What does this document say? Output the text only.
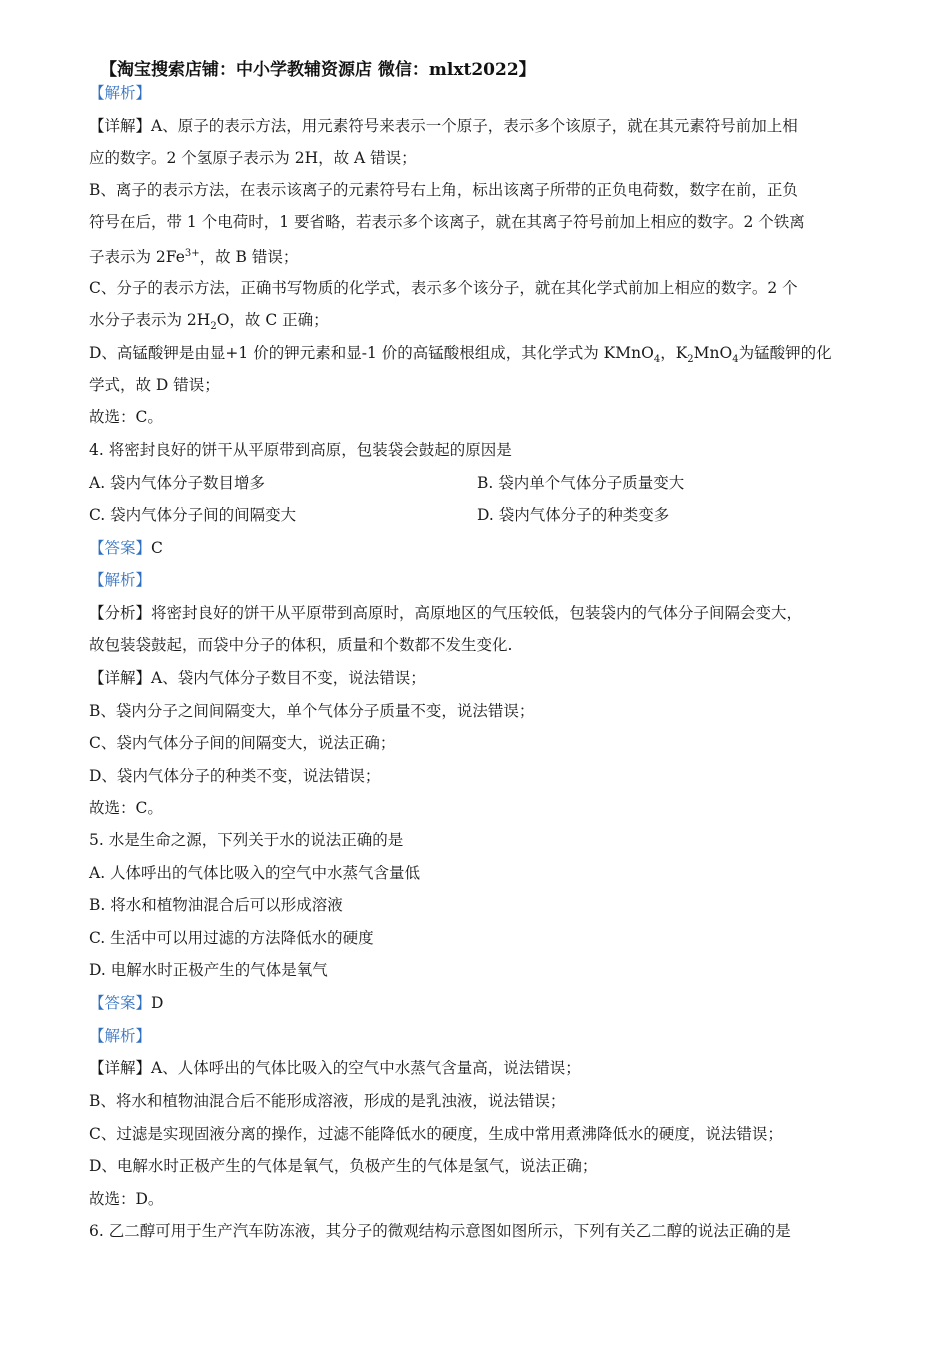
【淘宝搜索店铺：中小学教辅资源店 微信：mlxt2022】
【解析】
【详解】A、原子的表示方法，用元素符号来表示一个原子，表示多个该原子，就在其元素符号前加上相
应的数字。2 个氢原子表示为 2H，故 A 错误；
B、离子的表示方法，在表示该离子的元素符号右上角，标出该离子所带的正负电荷数，数字在前，正负
符号在后，带 1 个电荷时，1 要省略，若表示多个该离子，就在其离子符号前加上相应的数字。2 个铁离
子表示为 $2Fe^{3+}$，故 B 错误；
C、分子的表示方法，正确书写物质的化学式，表示多个该分子，就在其化学式前加上相应的数字。2 个
水分子表示为 $2H_2O$，故 C 正确；
D、高锰酸钾是由显+1 价的钾元素和显-1 价的高锰酸根组成，其化学式为 KMnO$_4$，$K_2MnO_4$为锰酸钾的化
学式，故 D 错误；
故选：C。
4. 将密封良好的饼干从平原带到高原，包装袋会鼓起的原因是
A. 袋内气体分子数目增多	B. 袋内单个气体分子质量变大
C. 袋内气体分子间的间隔变大	D. 袋内气体分子的种类变多
【答案】C
【解析】
【分析】将密封良好的饼干从平原带到高原时，高原地区的气压较低，包装袋内的气体分子间隔会变大，
故包装袋鼓起，而袋中分子的体积，质量和个数都不发生变化.
【详解】A、袋内气体分子数目不变，说法错误；
B、袋内分子之间间隔变大，单个气体分子质量不变，说法错误；
C、袋内气体分子间的间隔变大，说法正确；
D、袋内气体分子的种类不变，说法错误；
故选：C。
5. 水是生命之源，下列关于水的说法正确的是
A. 人体呼出的气体比吸入的空气中水蒸气含量低
B. 将水和植物油混合后可以形成溶液
C. 生活中可以用过滤的方法降低水的硬度
D. 电解水时正极产生的气体是氧气
【答案】D
【解析】
【详解】A、人体呼出的气体比吸入的空气中水蒸气含量高，说法错误；
B、将水和植物油混合后不能形成溶液，形成的是乳浊液，说法错误；
C、过滤是实现固液分离的操作，过滤不能降低水的硬度，生成中常用煮沸降低水的硬度，说法错误；
D、电解水时正极产生的气体是氧气，负极产生的气体是氢气，说法正确；
故选：D。
6. 乙二醇可用于生产汽车防冻液，其分子的微观结构示意图如图所示，下列有关乙二醇的说法正确的是
